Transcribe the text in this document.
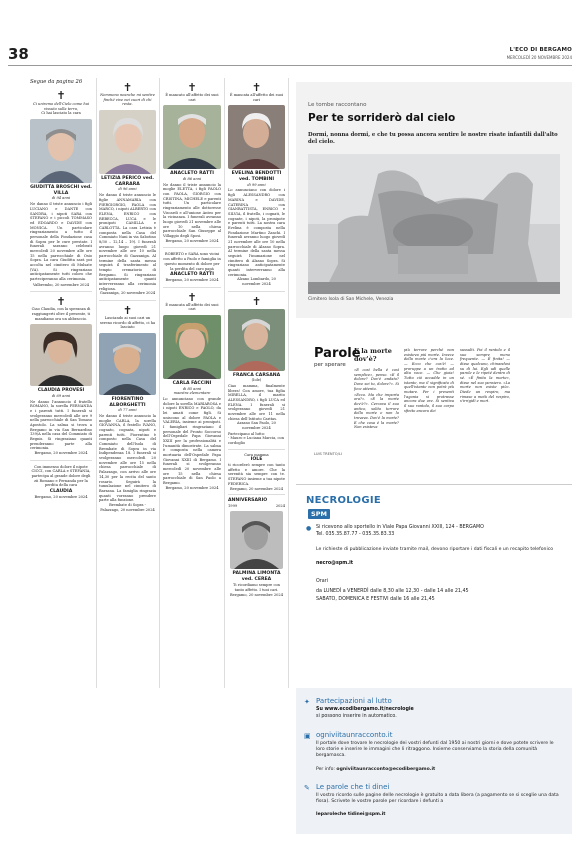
38	L'ECO DI BERGAMO
MERCOLEDÌ 20 NOVEMBRE 2024
Segue da pagina 26
✝
Ci uniremo dell'Cielo come hai vissuto sulla terra,
Ci hai lasciato la cara
GIUDITTA BROSCHI ved. VILLA
di 94 anni
Ne danno il triste annuncio i figli LUCIANO e DANTE con SANDRA, i nipoti SARA con STEFANO e i piccoli TOMMASO ed EDOARDO e DAVIDE con MONICA. Un particolare ringraziamento a tutto il personale della Fondazione casa di Sopra per le cure prestate. I funerali saranno celebrati mercoledì 20 novembre alle ore 15 nella parrocchiale di Osio Sopra. La cara Giuditta sarà poi accolta nel cimitero di Mulsate (VA). Si ringraziano anticipatamente tutti coloro che parteciperanno alla cerimonia.
Valbrembo, 20 novembre 2024
✝
Ciao Claudia, con la speranza di raggiungerti oltre il presente, ti mandiamo ora un abbraccio.
CLAUDIA PROVESI
di 69 anni
Ne danno l'annuncio il fratello ROMANO, la sorella FERNANDA e i parenti tutti. I funerali si svolgeranno mercoledì alle ore 9 nella parrocchiale di San Tomaso Apostolo. La salma si trova a Bergamo in via San Bernardino 139/A nella casa del Commiato di Begnis. Si ringraziano quanti prenderanno parte alla cerimonia.
Bergamo, 20 novembre 2024
Con immenso dolore il nipote CICCI, con CARLA e STEFANIA, partecipa al grande dolore degli zii Romano e Fernanda per la perdita della cara
CLAUDIA
Bergamo, 20 novembre 2024
✝
Nemmeno neanche mi sentire finché vive nei cuori di chi resta.
LETIZIA PERICO ved. CARRARA
di 96 anni
Ne danno il triste annuncio le figlie ANNAMARIA con PIERGIORGIO, PAOLA con MARCO, i nipoti ALBERTO con ELENA, ENRICO con REBECCA, LUCA e le pronipoti CAMILLA e CARLOTTA. La cara Letizia è composta nella Casa del Commiato Nani in via Sabotino 8/30 – 12,14 – 19). I funerali avranno luogo giovedì 21 novembre alle ore 10 nella parrocchiale di Gazzaniga. Al termine della santa messa seguirà il trasferimento al tempio crematorio di Bergamo. Si ringraziano anticipatamente quanti interverranno alla cerimonia religiosa.
Gazzaniga, 20 novembre 2024
✝
Lasciando ai suoi cari un sereno ricordo di affetto, ci ha lasciato
FIORENTINO ALBORGHETTI
di 77 anni
Ne danno il triste annuncio la moglie CARLA, la sorella GIOVANNA, il fratello IVANO, cognato, cognata, nipoti e parenti tutti. Fiorentino è composto nella Casa del Commiato dell'Isola di Brembate di Sopra in via Indipendenza 18. I funerali si svolgeranno mercoledì 20 novembre alle ore 15 nella chiesa parrocchiale di Palazzago, con arrivo alle ore 14,30 per la recita del santo rosario. Seguirà la tumulazione nel cimitero di Barzana. La famiglia ringrazia quanti vorranno prendere parte alla funzione.
Brembate di Sopra - Palazzago, 20 novembre 2024
✝
È mancato all'affetto dei suoi cari
ANACLETO RATTI
di 86 anni
Ne danno il triste annuncio la moglie ELETTA, i figli PAOLO con PAOLA, GIORGIO con CRISTINA, MICHELE e parenti tutti. Un particolare ringraziamento alle dottoresse Viscardi e all'unione Anteo per la vicinanza. I funerali avranno luogo giovedì 21 novembre alle ore 10 nella chiesa parrocchiale San Giuseppe al Villaggio degli Sposi.
Bergamo, 20 novembre 2024
ROBERTO e SARA sono vicini con affetto a Paolo e famiglia in questo momento di dolore per la perdita del caro papà
ANACLETO RATTI
Bergamo, 20 novembre 2024
✝
È mancata all'affetto dei suoi cari
CARLA FACCINI
di 85 anni
maestra elementare
Lo annunciano con grande dolore la sorella MARIAROSA e i nipoti ENRICO e PAOLO, da lei amati come figli. Si uniscono al dolore PAOLA e VALERIA, insieme ai pronipoti. I famigliari ringraziano il personale del Pronto Soccorso dell'Ospedale Papa Giovanni XXIII per la professionalità e l'umanità dimostrate. La salma è composta nella camera mortuaria dell'Ospedale Papa Giovanni XXIII di Bergamo. I funerali si svolgeranno mercoledì 20 novembre alle ore 15 nella chiesa parrocchiale di San Paolo a Bergamo.
Bergamo, 20 novembre 2024
✝
È mancata all'affetto dei suoi cari
EVELINA BENDOTTI ved. TOMBINI
di 99 anni
Lo annunciano con dolore i figli ALESSANDRO con MARINA e DAVIDE, CATERINA con GIANBATTISTA, ENRICO e SILVIA, il fratello, i cognati, le cognate, i nipoti, la pronipote e parenti tutti. La nostra cara Evelina è composta nella Fondazione Martino Zanchi. I funerali avranno luogo giovedì 21 novembre alle ore 10 nella parrocchiale di Alzano Sopra. Al termine della santa messa seguirà l'inumazione nel cimitero di Alzano Sopra. Si ringraziano anticipatamente quanti interverranno alla cerimonia.
Alzano Lombardo, 20 novembre 2024
✝
FRANCA CARSANA
(Iole)
Ciao mamma, finalmente libera! Con amore, tua figlia MIRELLA, il marito ALESSANDRO, i figli LUCA ed ELENA. I funerali si svolgeranno giovedì 21 novembre alle ore 11 nella chiesa dell'Istituto Caritas.
Azzano San Paolo, 20 novembre 2024
Partecipano al lutto:
- Mauro e Luciana Marcia, con cordoglio
Cara mamma
IOLE
ti ricorderò sempre con tanto affetto e amore. Che la serenità sia sempre con te. STEFANO insieme a tua nipote FEDERICA.
Bergamo, 20 novembre 2024
ANNIVERSARIO
1999	2024
PALMINA LIMONTA ved. CEREA
Ti ricordiamo sempre con tanto affetto. I tuoi cari.
Bergamo, 20 novembre 2024
Le tombe raccontano
Per te sorriderò dal cielo
Dormi, nonna dormi, e che tu possa ancora sentire le nostre risate infantili dall'alto del cielo.
Cimitero Isola di San Michele, Venezia
Parole
per sperare
LUIS TRENTO/LI
E la morte dov'è?

«E così bella è così semplice», penso. «E il dolore? Dov'è andato? Dove sei tu, dolore?». Si fece attento.

«Ecco. Ma che importa ora?». «E la morte dov'è?». Cercava il suo antico, solito terrore della morte e non lo trovava. Dov'è la morte? E che cosa è la morte? Non esisteva

più terrore perché non esisteva più morte. Invece della morte c'era la luce. — Ecco che cos'è! — proruppe a un tratto ad alta voce. — Che gioia! Tutto ciò accadde in un istante, ma il significato di quell'istante non potrà più mutare. Per i presenti l'agonia si protrasse ancora due ore. Si sentiva il suo rantolo, il suo corpo sfinito ancora dei

sussulti. Poi il rantolo e il suo sempre meno frequente. — È finita! — disse qualcuno, chinandosi su di lui. Egli udì quelle parole e le ripeté dentro di sé. «È finita la morte», disse nel suo pensiero. «La morte non esiste più». Diede un respiro, ma rimase a metà del respiro, s'irrigidì e morì.

NECROLOGIE
SPM
● Si ricevono allo sportello in Viale Papa Giovanni XXIII, 124 - BERGAMO
Tel. 035.35.87.77 - 035.35.83.33
Le richieste di pubblicazione inviate tramite mail, devono riportare i dati fiscali e un recapito telefonico
necro@spm.it
Orari
da LUNEDÌ a VENERDÌ dalle 8,30 alle 12,30 - dalle 14 alle 21,45
SABATO, DOMENICA E FESTIVI dalle 16 alle 21,45
✦ Partecipazioni al lutto
Su www.ecodibergamo.it/necrologie
si possono inserire in automatico.
▣ ogniviitaunracconto.it
Il portale dove trovare le necrologie dei vostri defunti dal 1950 ai nostri giorni e dove potete scrivere le loro storie e inserire le immagini che li ritraggono. Insieme conserviamo la storia della comunità bergamasca.
Per info: ogniviitaunracconto@ecodibergamo.it
✎ Le parole che ti dinei
Il vostro ricordo sulle pagine delle necrologie è gratuito a data libera (a pagamento se si sceglie una data fissa). Scrivete le vostre parole per ricordare i defunti a
leparoleche tidinei@spm.it
